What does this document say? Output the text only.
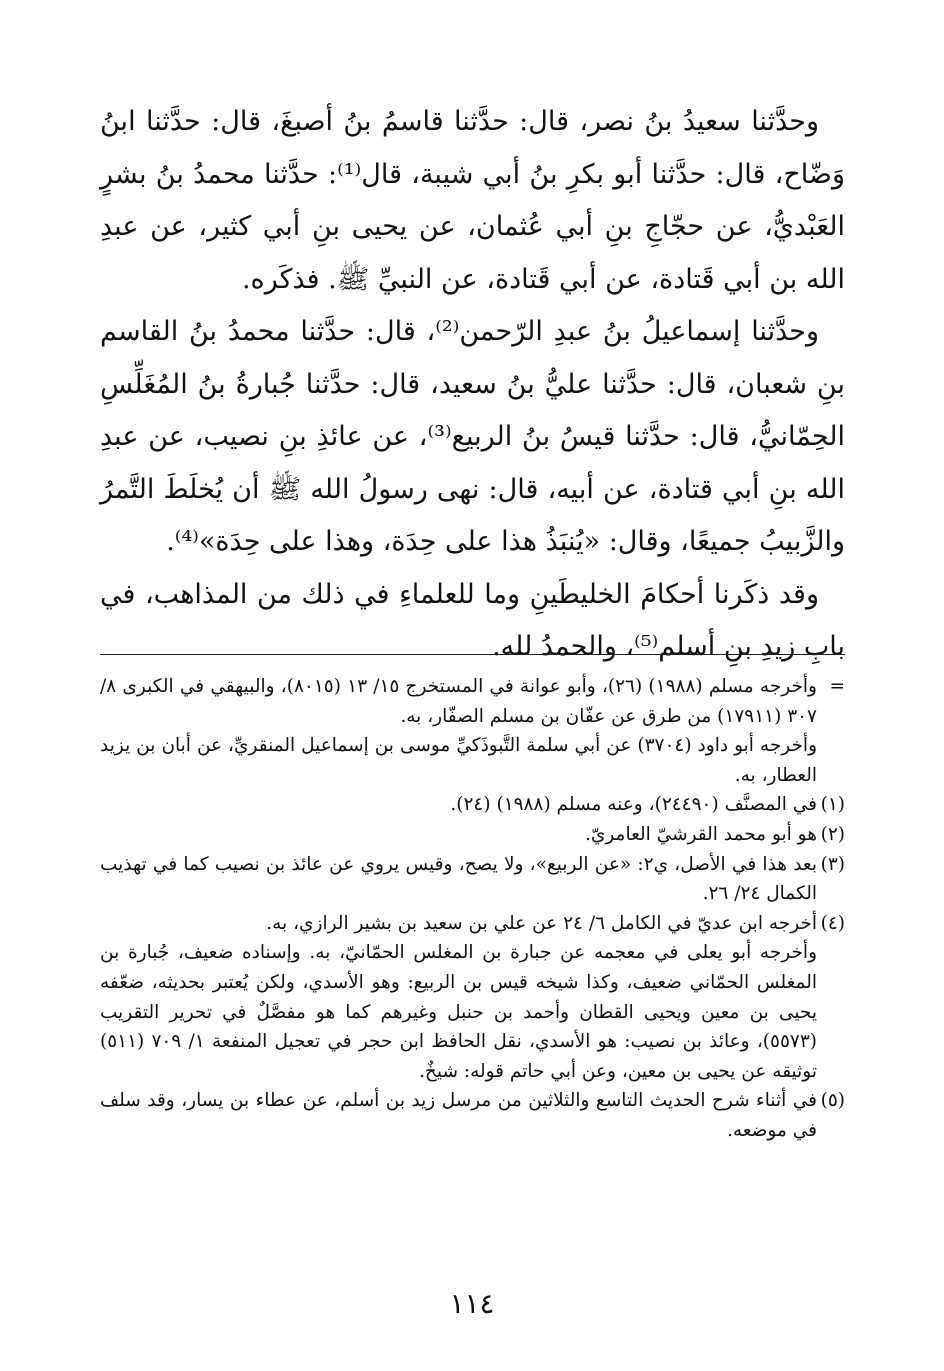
وحدَّثنا سعيدُ بنُ نصر، قال: حدَّثنا قاسمُ بنُ أصبغَ، قال: حدَّثنا ابنُ وَضّاح، قال: حدَّثنا أبو بكرِ بنُ أبي شيبة، قال⁽¹⁾: حدَّثنا محمدُ بنُ بشرٍ العَبْديُّ، عن حجّاجِ بنِ أبي عُثمان، عن يحيى بنِ أبي كثير، عن عبدِ الله بن أبي قَتادة، عن أبي قَتادة، عن النبيِّ ﷺ. فذكَره.

وحدَّثنا إسماعيلُ بنُ عبدِ الرّحمن⁽²⁾، قال: حدَّثنا محمدُ بنُ القاسم بنِ شعبان، قال: حدَّثنا عليُّ بنُ سعيد، قال: حدَّثنا جُبارةُ بنُ المُغَلِّسِ الحِمّانيُّ، قال: حدَّثنا قيسُ بنُ الربيع⁽³⁾، عن عائذِ بنِ نصيب، عن عبدِ الله بنِ أبي قتادة، عن أبيه، قال: نهى رسولُ الله ﷺ أن يُخلَطَ التَّمرُ والزَّبيبُ جميعًا، وقال: «يُنبَذُ هذا على حِدَة، وهذا على حِدَة»⁽⁴⁾.

وقد ذكَرنا أحكامَ الخليطَينِ وما للعلماءِ في ذلك من المذاهب، في بابِ زيدِ بنِ أسلم⁽⁵⁾، والحمدُ لله.

=

وأخرجه مسلم (١٩٨٨) (٢٦)، وأبو عوانة في المستخرج ١٥/ ١٣ (٨٠١٥)، والبيهقي في الكبرى ٨/ ٣٠٧ (١٧٩١١) من طرق عن عفّان بن مسلم الصفّار، به.

وأخرجه أبو داود (٣٧٠٤) عن أبي سلمة التَّبوذَكيِّ موسى بن إسماعيل المنقريِّ، عن أبان بن يزيد العطار، به.

(١)

في المصنَّف (٢٤٤٩٠)، وعنه مسلم (١٩٨٨) (٢٤).

(٢)

هو أبو محمد القرشيّ العامريّ.

(٣)

بعد هذا في الأصل، ي٢: «عن الربيع»، ولا يصح، وقيس يروي عن عائذ بن نصيب كما في تهذيب الكمال ٢٤/ ٢٦.

(٤)

أخرجه ابن عديّ في الكامل ٦/ ٢٤ عن علي بن سعيد بن بشير الرازي، به.

وأخرجه أبو يعلى في معجمه عن جبارة بن المغلس الحمّانيّ، به. وإسناده ضعيف، جُبارة بن المغلس الحمّاني ضعيف، وكذا شيخه قيس بن الربيع: وهو الأسدي، ولكن يُعتبر بحديثه، ضعّفه يحيى بن معين ويحيى القطان وأحمد بن حنبل وغيرهم كما هو مفصَّلٌ في تحرير التقريب (٥٥٧٣)، وعائذ بن نصيب: هو الأسدي، نقل الحافظ ابن حجر في تعجيل المنفعة ١/ ٧٠٩ (٥١١) توثيقه عن يحيى بن معين، وعن أبي حاتم قوله: شيخٌ.

(٥)

في أثناء شرح الحديث التاسع والثلاثين من مرسل زيد بن أسلم، عن عطاء بن يسار، وقد سلف في موضعه.

١١٤
